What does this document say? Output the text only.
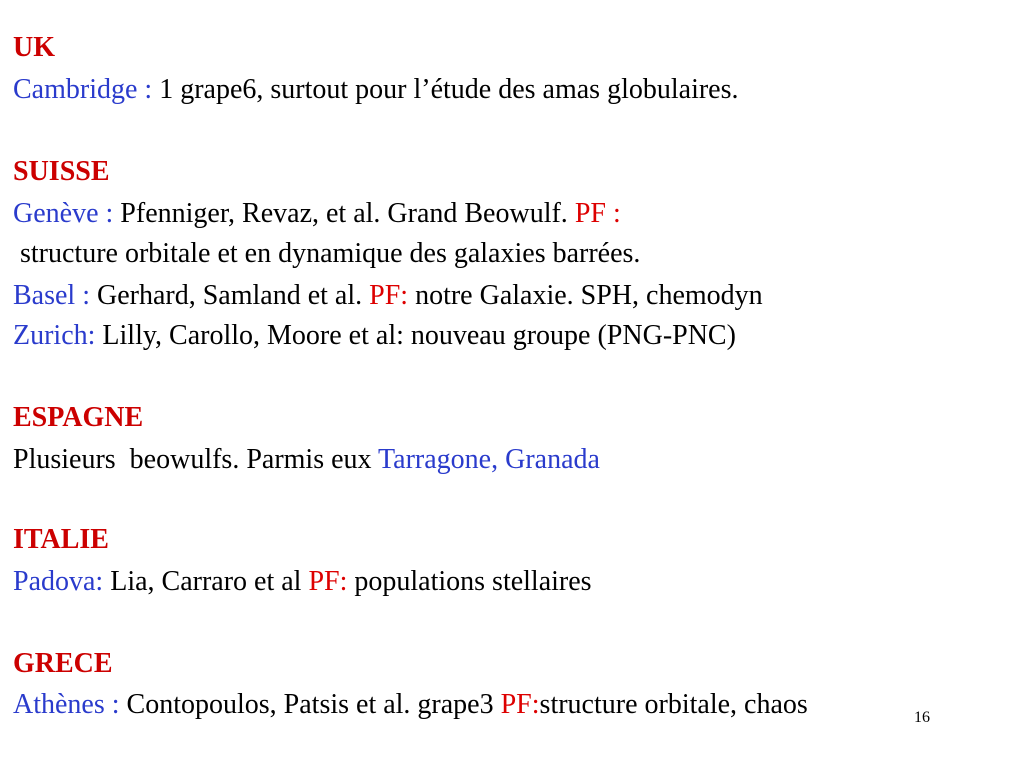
UK
Cambridge : 1 grape6, surtout pour l’étude des amas globulaires.
SUISSE
Genève : Pfenniger, Revaz, et al. Grand Beowulf. PF :
structure orbitale et en dynamique des galaxies barrées.
Basel : Gerhard, Samland et al. PF: notre Galaxie. SPH, chemodyn
Zurich: Lilly, Carollo, Moore et al: nouveau groupe (PNG-PNC)
ESPAGNE
Plusieurs  beowulfs. Parmis eux Tarragone, Granada
ITALIE
Padova: Lia, Carraro et al PF: populations stellaires
GRECE
Athènes : Contopoulos, Patsis et al. grape3 PF:structure orbitale, chaos	16
